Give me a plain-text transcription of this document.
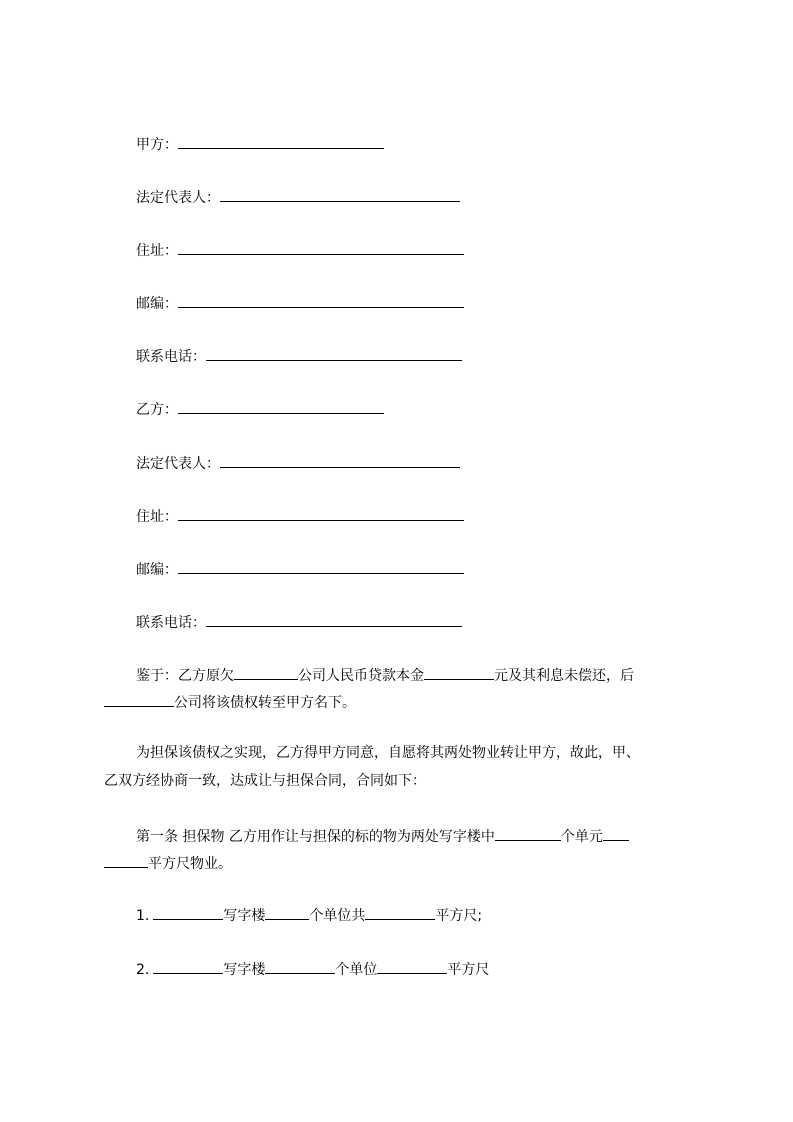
甲方：
法定代表人：
住址：
邮编：
联系电话：
乙方：
法定代表人：
住址：
邮编：
联系电话：
鉴于：乙方原欠	公司人民币贷款本金	元及其利息未偿还，后
公司将该债权转至甲方名下。
为担保该债权之实现，乙方得甲方同意，自愿将其两处物业转让甲方，故此，甲、
乙双方经协商一致，达成让与担保合同，合同如下：
第一条 担保物 乙方用作让与担保的标的物为两处写字楼中	个单元
平方尺物业。
1.	写字楼	个单位共	平方尺;
2.	写字楼	个单位	平方尺
